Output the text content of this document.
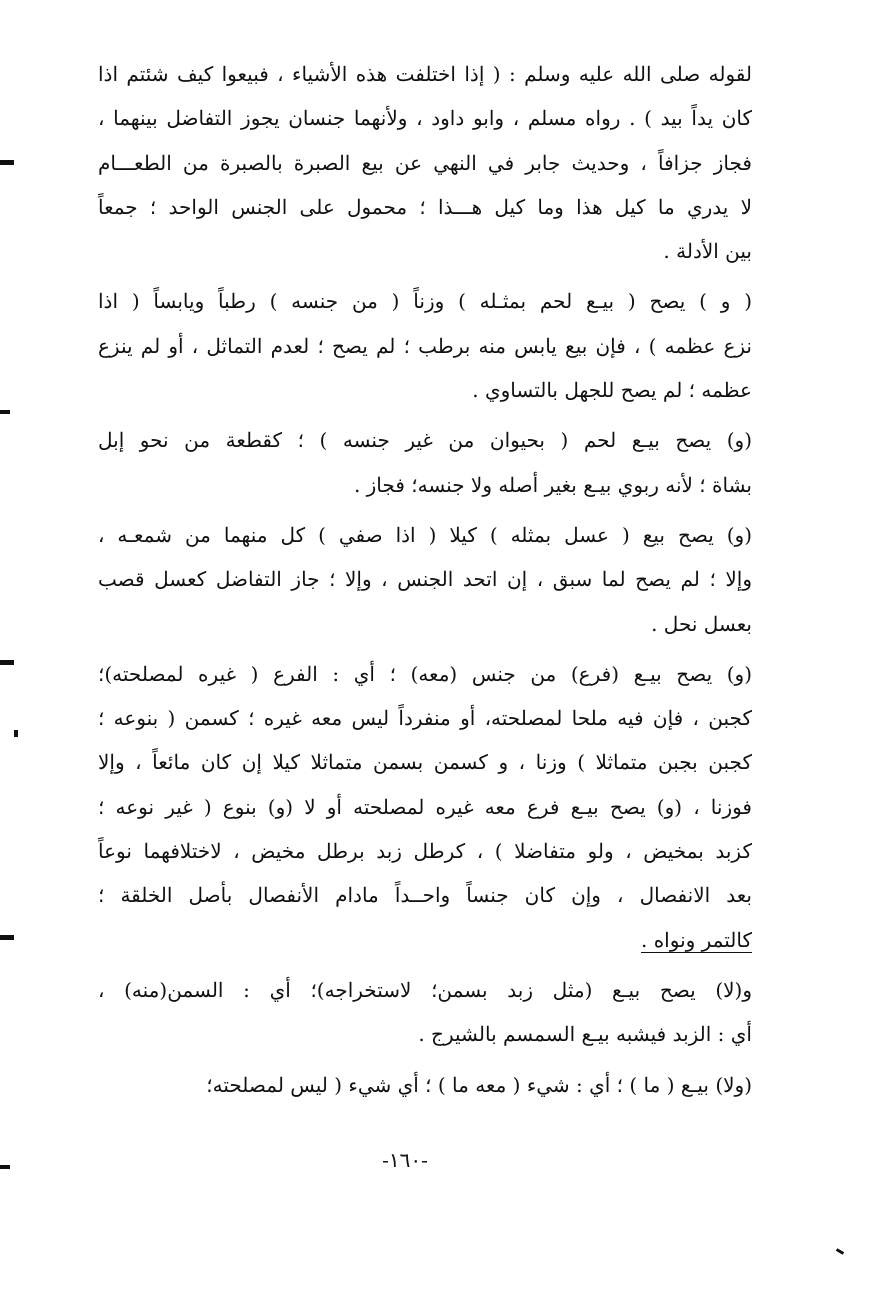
لقوله صلى الله عليه وسلم : ( إذا اختلفت هذه الأشياء ، فبيعوا كيف شئتم اذا
كان يداً بيد ) . رواه مسلم ، وابو داود ، ولأنهما جنسان يجوز التفاضل بينهما ،
فجاز جزافاً ، وحديث جابر في النهي عن بيع الصبرة بالصبرة من الطعـــام
لا يدري ما كيل هذا وما كيل هـــذا ؛ محمول على الجنس الواحد ؛ جمعاً
بين الأدلة .
( و ) يصح ( بيـع لحم بمثـله ) وزناً ( من جنسه ) رطباً ويابساً ( اذا
نزع عظمه ) ، فإن بيع يابس منه برطب ؛ لم يصح ؛ لعدم التماثل ، أو لم ينزع
عظمه ؛ لم يصح للجهل بالتساوي .
(و) يصح بيـع لحم ( بحيوان من غير جنسه ) ؛ كقطعة من نحو إبل
بشاة ؛ لأنه ربوي بيـع بغير أصله ولا جنسه؛ فجاز .
(و) يصح بيع ( عسل بمثله ) كيلا ( اذا صفي ) كل منهما من شمعـه ،
وإلا ؛ لم يصح لما سبق ، إن اتحد الجنس ، وإلا ؛ جاز التفاضل كعسل قصب
بعسل نحل .
(و) يصح بيـع (فرع) من جنس (معه) ؛ أي : الفرع ( غيره لمصلحته)؛
كجبن ، فإن فيه ملحا لمصلحته، أو منفرداً ليس معه غيره ؛ كسمن ( بنوعه ؛
كجبن بجبن متماثلا ) وزنا ، و كسمن بسمن متماثلا كيلا إن كان مائعاً ، وإلا
فوزنا ، (و) يصح بيـع فرع معه غيره لمصلحته أو لا (و) بنوع ( غير نوعه ؛
كزبد بمخيض ، ولو متفاضلا ) ، كرطل زبد برطل مخيض ، لاختلافهما نوعاً
بعد الانفصال ، وإن كان جنساً واحــداً مادام الأنفصال بأصل الخلقة ؛
كالتمر ونواه .
و(لا) يصح بيـع (مثل زبد بسمن؛ لاستخراجه)؛ أي : السمن(منه) ،
أي : الزبد فيشبه بيـع السمسم بالشيرج .
(ولا) بيـع ( ما ) ؛ أي : شيء ( معه ما ) ؛ أي شيء ( ليس لمصلحته؛
-١٦٠-
